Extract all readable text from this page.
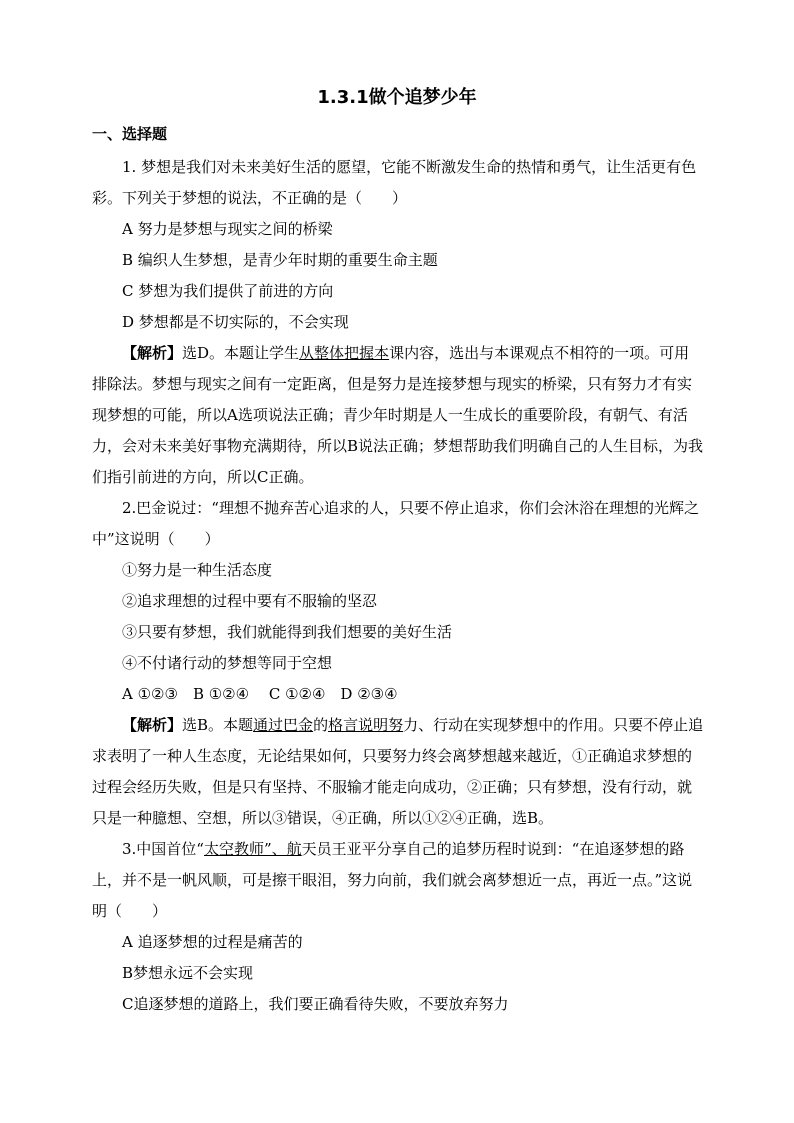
1.3.1做个追梦少年
一、选择题

1. 梦想是我们对未来美好生活的愿望，它能不断激发生命的热情和勇气，让生活更有色彩。下列关于梦想的说法，不正确的是（　　）

A 努力是梦想与现实之间的桥梁

B 编织人生梦想，是青少年时期的重要生命主题

C 梦想为我们提供了前进的方向

D 梦想都是不切实际的，不会实现

【解析】选D。本题让学生从整体把握本课内容，选出与本课观点不相符的一项。可用排除法。梦想与现实之间有一定距离，但是努力是连接梦想与现实的桥梁，只有努力才有实现梦想的可能，所以A选项说法正确；青少年时期是人一生成长的重要阶段，有朝气、有活力，会对未来美好事物充满期待，所以B说法正确；梦想帮助我们明确自己的人生目标，为我们指引前进的方向，所以C正确。

2.巴金说过：“理想不抛弃苦心追求的人，只要不停止追求，你们会沐浴在理想的光辉之中”这说明（　　）

①努力是一种生活态度

②追求理想的过程中要有不服输的坚忍

③只要有梦想，我们就能得到我们想要的美好生活

④不付诸行动的梦想等同于空想

A ①②③　B ①②④　 C ①②④　D ②③④

【解析】选B。本题通过巴金的格言说明努力、行动在实现梦想中的作用。只要不停止追求表明了一种人生态度，无论结果如何，只要努力终会离梦想越来越近，①正确追求梦想的过程会经历失败，但是只有坚持、不服输才能走向成功，②正确；只有梦想，没有行动，就只是一种臆想、空想，所以③错误，④正确，所以①②④正确，选B。

3.中国首位“太空教师”、航天员王亚平分享自己的追梦历程时说到：“在追逐梦想的路上，并不是一帆风顺，可是擦干眼泪，努力向前，我们就会离梦想近一点，再近一点。”这说明（　　）

A 追逐梦想的过程是痛苦的

B梦想永远不会实现

C追逐梦想的道路上，我们要正确看待失败，不要放弃努力
